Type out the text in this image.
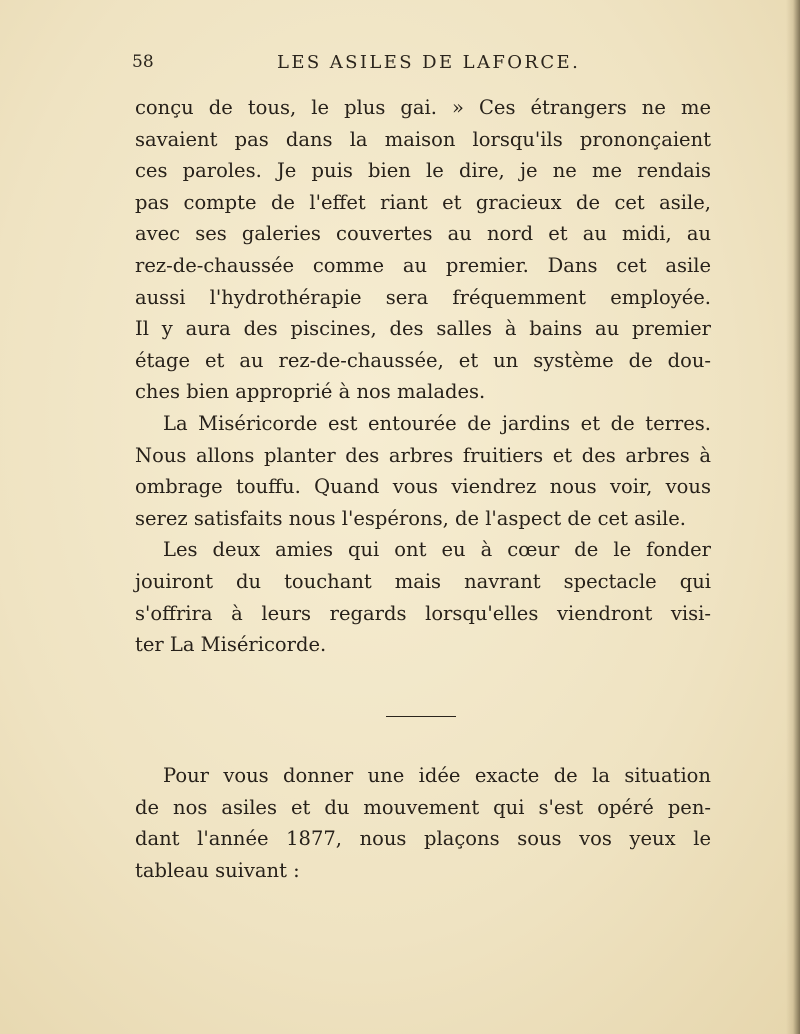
58	LES ASILES DE LAFORCE.
conçu de tous, le plus gai. » Ces étrangers ne me
savaient pas dans la maison lorsqu'ils prononçaient
ces paroles. Je puis bien le dire, je ne me rendais
pas compte de l'effet riant et gracieux de cet asile,
avec ses galeries couvertes au nord et au midi, au
rez-de-chaussée comme au premier. Dans cet asile
aussi l'hydrothérapie sera fréquemment employée.
Il y aura des piscines, des salles à bains au premier
étage et au rez-de-chaussée, et un système de dou-
ches bien approprié à nos malades.
La Miséricorde est entourée de jardins et de terres.
Nous allons planter des arbres fruitiers et des arbres à
ombrage touffu. Quand vous viendrez nous voir, vous
serez satisfaits nous l'espérons, de l'aspect de cet asile.
Les deux amies qui ont eu à cœur de le fonder
jouiront du touchant mais navrant spectacle qui
s'offrira à leurs regards lorsqu'elles viendront visi-
ter La Miséricorde.
Pour vous donner une idée exacte de la situation
de nos asiles et du mouvement qui s'est opéré pen-
dant l'année 1877, nous plaçons sous vos yeux le
tableau suivant :
